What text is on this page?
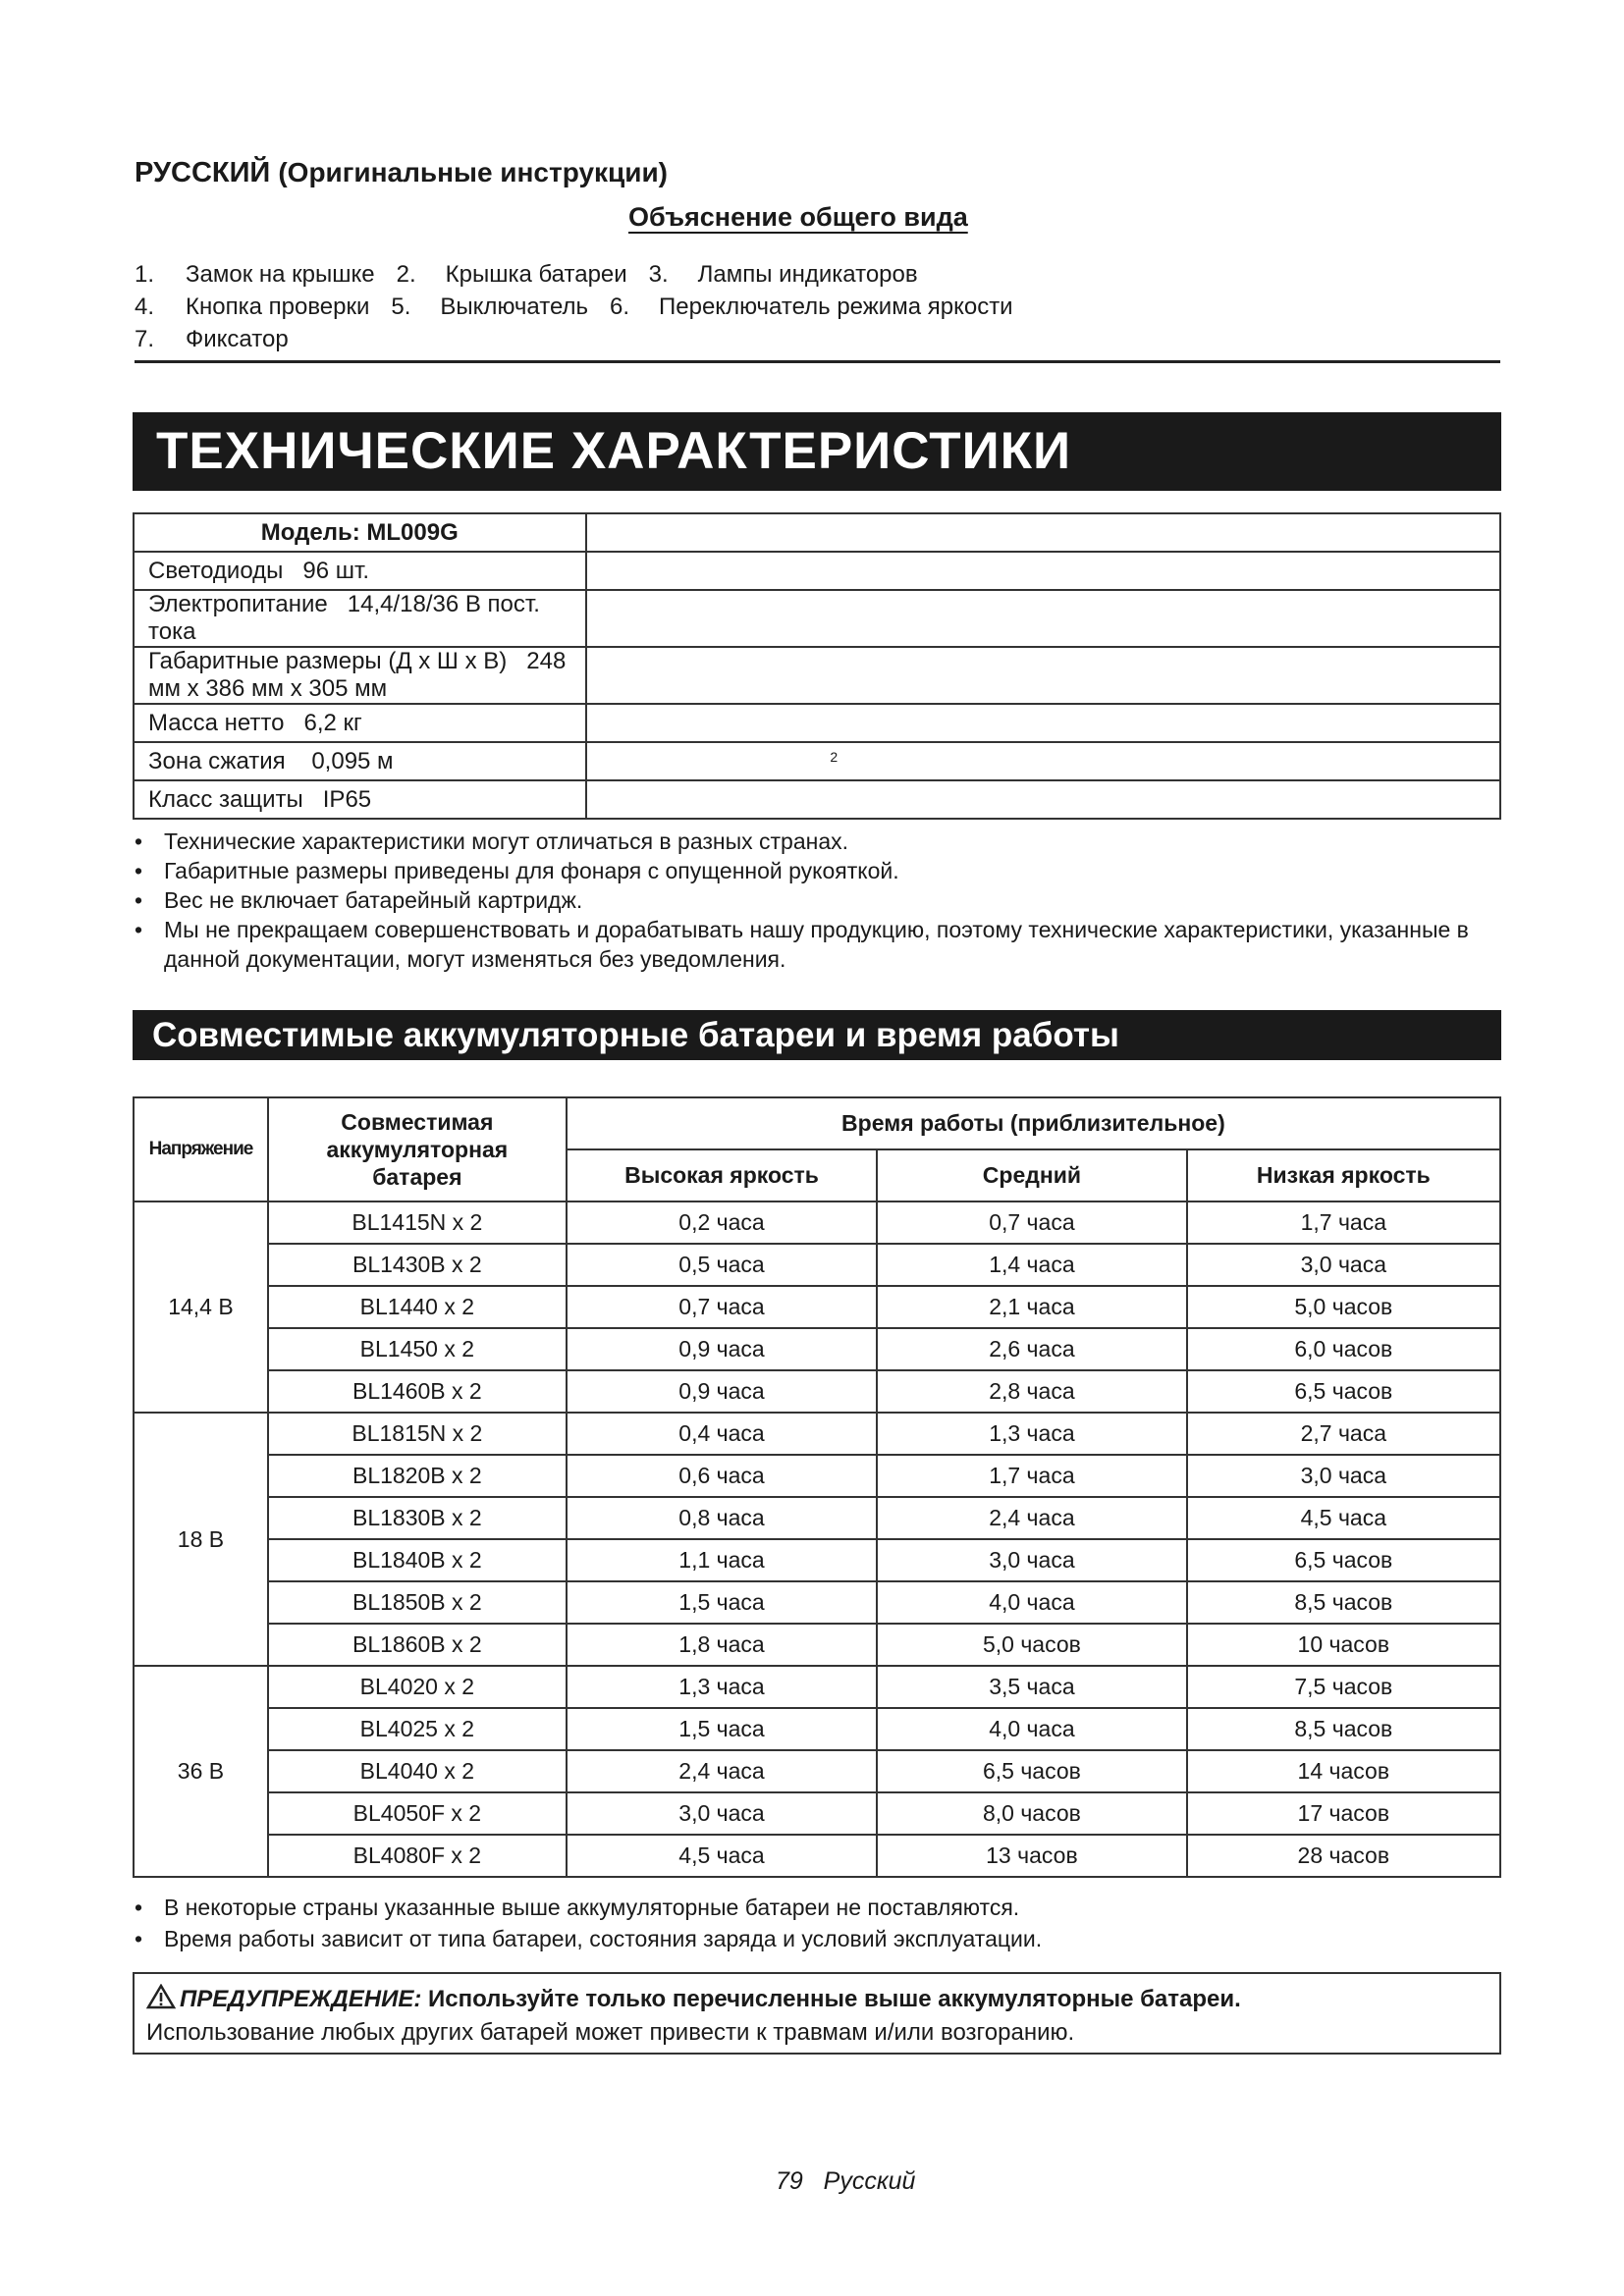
РУССКИЙ (Оригинальные инструкции)
Объяснение общего вида
1. Замок на крышке 2. Крышка батареи 3. Лампы индикаторов
4. Кнопка проверки 5. Выключатель 6. Переключатель режима яркости
7. Фиксатор
ТЕХНИЧЕСКИЕ ХАРАКТЕРИСТИКИ
Модель: ML009G	
Светодиоды 96 шт.	
Электропитание 14,4/18/36 В пост. тока	
Габаритные размеры (Д x Ш x В) 248 мм x 386 мм x 305 мм	
Масса нетто 6,2 кг	
Зона сжатия 0,095 м	2
Класс защиты IP65	
• Технические характеристики могут отличаться в разных странах.
• Габаритные размеры приведены для фонаря с опущенной рукояткой.
• Вес не включает батарейный картридж.
• Мы не прекращаем совершенствовать и дорабатывать нашу продукцию, поэтому технические характеристики, указанные в данной документации, могут изменяться без уведомления.
Совместимые аккумуляторные батареи и время работы
Напряжение	Совместимая аккумуляторная батарея	Время работы (приблизительное)		
		Высокая яркость	Средний	Низкая яркость
14,4 В	BL1415N x 2	0,2 часа	0,7 часа	1,7 часа
	BL1430B x 2	0,5 часа	1,4 часа	3,0 часа
	BL1440 x 2	0,7 часа	2,1 часа	5,0 часов
	BL1450 x 2	0,9 часа	2,6 часа	6,0 часов
	BL1460B x 2	0,9 часа	2,8 часа	6,5 часов
18 В	BL1815N x 2	0,4 часа	1,3 часа	2,7 часа
	BL1820B x 2	0,6 часа	1,7 часа	3,0 часа
	BL1830B x 2	0,8 часа	2,4 часа	4,5 часа
	BL1840B x 2	1,1 часа	3,0 часа	6,5 часов
	BL1850B x 2	1,5 часа	4,0 часа	8,5 часов
	BL1860B x 2	1,8 часа	5,0 часов	10 часов
36 В	BL4020 x 2	1,3 часа	3,5 часа	7,5 часов
	BL4025 x 2	1,5 часа	4,0 часа	8,5 часов
	BL4040 x 2	2,4 часа	6,5 часов	14 часов
	BL4050F x 2	3,0 часа	8,0 часов	17 часов
	BL4080F x 2	4,5 часа	13 часов	28 часов
• В некоторые страны указанные выше аккумуляторные батареи не поставляются.
• Время работы зависит от типа батареи, состояния заряда и условий эксплуатации.
ПРЕДУПРЕЖДЕНИЕ: Используйте только перечисленные выше аккумуляторные батареи.
Использование любых других батарей может привести к травмам и/или возгоранию.
79 Русский
